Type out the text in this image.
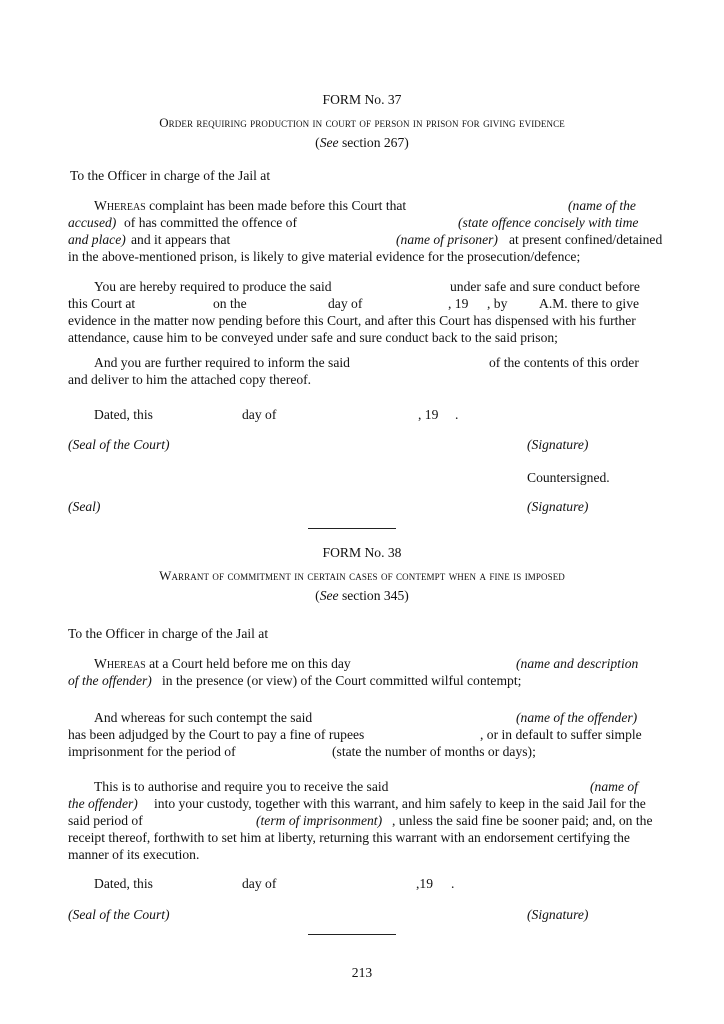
FORM No. 37
Order requiring production in court of person in prison for giving evidence
(See section 267)
To the Officer in charge of the Jail at
Whereas complaint has been made before this Court that	(name of the
accused) of has committed the offence of	(state offence concisely with time
and place) and it appears that	(name of prisoner) at present confined/detained
in the above-mentioned prison, is likely to give material evidence for the prosecution/defence;
You are hereby required to produce the said	under safe and sure conduct before
this Court at	on the	day of	, 19 , by A.M. there to give
evidence in the matter now pending before this Court, and after this Court has dispensed with his further
attendance, cause him to be conveyed under safe and sure conduct back to the said prison;
And you are further required to inform the said	of the contents of this order
and deliver to him the attached copy thereof.
Dated, this	day of	, 19 .
(Seal of the Court)	(Signature)
Countersigned.
(Seal)	(Signature)
FORM No. 38
Warrant of commitment in certain cases of contempt when a fine is imposed
(See section 345)
To the Officer in charge of the Jail at
Whereas at a Court held before me on this day	(name and description
of the offender) in the presence (or view) of the Court committed wilful contempt;
And whereas for such contempt the said	(name of the offender)
has been adjudged by the Court to pay a fine of rupees	, or in default to suffer simple
imprisonment for the period of	(state the number of months or days);
This is to authorise and require you to receive the said	(name of
the offender) into your custody, together with this warrant, and him safely to keep in the said Jail for the
said period of	(term of imprisonment) , unless the said fine be sooner paid; and, on the
receipt thereof, forthwith to set him at liberty, returning this warrant with an endorsement certifying the
manner of its execution.
Dated, this	day of	,19 .
(Seal of the Court)	(Signature)
213
